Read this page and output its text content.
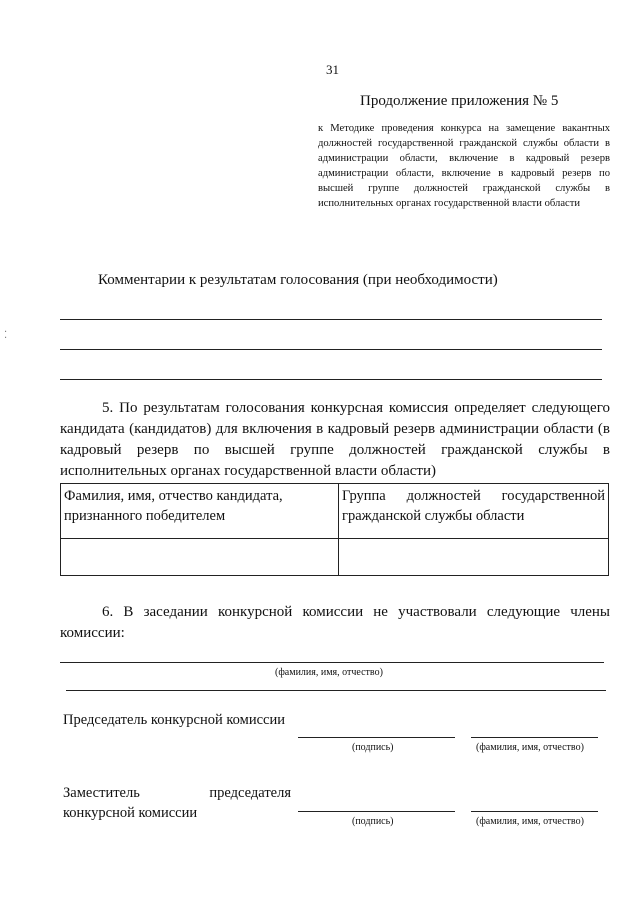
31
Продолжение приложения № 5
к Методике проведения конкурса на замещение вакантных должностей государственной гражданской службы области в администрации области, включение в кадровый резерв администрации области, включение в кадровый резерв по высшей группе должностей гражданской службы в исполнительных органах государственной власти области
Комментарии к результатам голосования (при необходимости)
⁚
5. По результатам голосования конкурсная комиссия определяет следующего кандидата (кандидатов) для включения в кадровый резерв администрации области (в кадровый резерв по высшей группе должностей гражданской службы в исполнительных органах государственной власти области)
Фамилия, имя, отчество кандидата, признанного победителем	Группа должностей государственной гражданской службы области

6. В заседании конкурсной комиссии не участвовали следующие члены комиссии:
(фамилия, имя, отчество)
Председатель конкурсной комиссии
(подпись)	(фамилия, имя, отчество)
Заместитель председателя конкурсной комиссии
(подпись)	(фамилия, имя, отчество)
